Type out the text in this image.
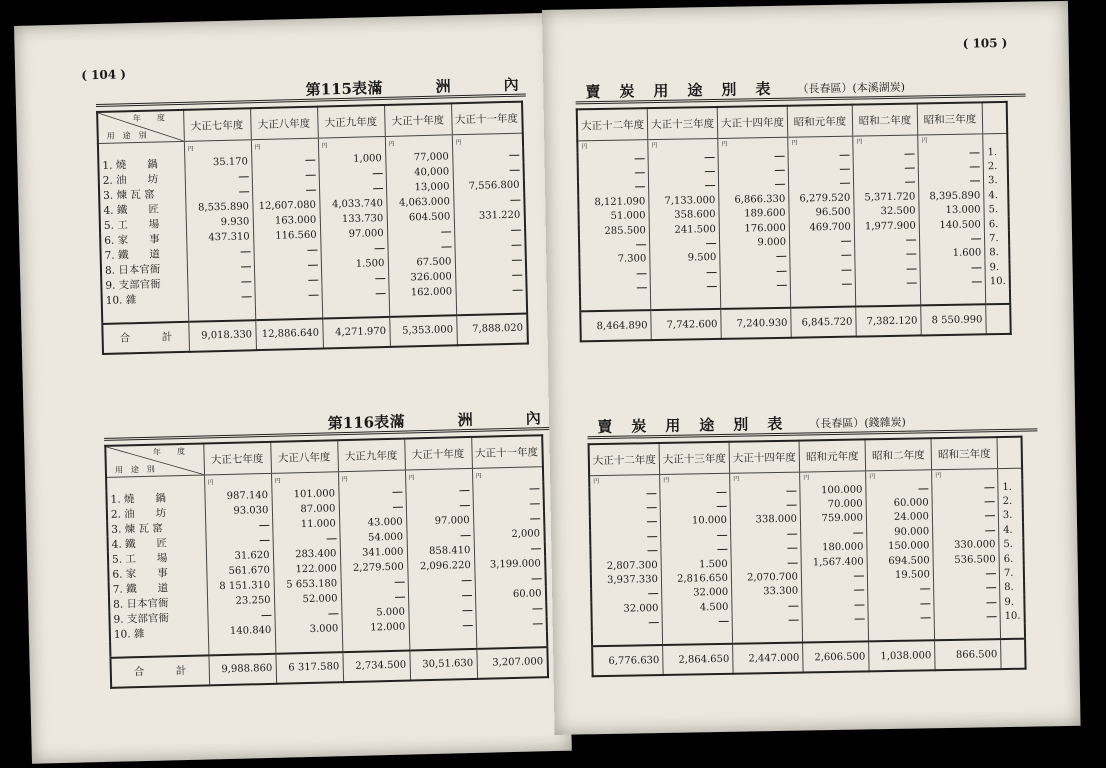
( 104 )
第115表 滿　　　洲　　　內
年　　度
用　途　別	大正七年度	大正八年度	大正九年度	大正十年度	大正十一年度
	$^円$	$^円$	$^円$	$^円$	$^円$
1. 燒　　鍋	35.170		1,000	77,000	
2. 油　　坊				40,000	
3. 煉 瓦 窰				13,000	7,556.800
4. 鐵　　匠	8,535.890	12,607.080	4,033.740	4,063.000	
5. 工　　場	9.930	163.000	133.730	604.500	331.220
6. 家　　事	437.310	116.560	97.000		
7. 鐵　　道					
8. 日本官衙			1.500	67.500	
9. 支部官衙				326.000	
10. 雜				162.000	

合　　　計	9,018.330	12,886.640	4,271.970	5,353.000	7,888.020
第116表 滿　　　洲　　　內
年　　度
用　途　別	大正七年度	大正八年度	大正九年度	大正十年度	大正十一年度
	$^円$	$^円$	$^円$	$^円$	$^円$
1. 燒　　鍋	987.140	101.000			
2. 油　　坊	93.030	87.000			
3. 煉 瓦 窰		11.000	43.000	97.000	
4. 鐵　　匠			54.000		2,000
5. 工　　場	31.620	283.400	341.000	858.410	
6. 家　　事	561.670	122.000	2,279.500	2,096.220	3,199.000
7. 鐵　　道	8 151.310	5 653.180			
8. 日本官衙	23.250	52.000			60.00
9. 支部官衙			5.000		
10. 雜	140.840	3.000	12.000		

合　　　計	9,988.860	6 317.580	2,734.500	30,51.630	3,207.000
( 105 )
賣　炭　用　途　別　表 （長春區）(本溪湖炭)
大正十二年度	大正十三年度	大正十四年度	昭和元年度	昭和二年度	昭和三年度	
$^円$	$^円$	$^円$	$^円$	$^円$	$^円$	
						1.
						2.
						3.
8,121.090	7,133.000	6,866.330	6,279.520	5,371.720	8,395.890	4.
51.000	358.600	189.600	96.500	32.500	13.000	5.
285.500	241.500	176.000	469.700	1,977.900	140.500	6.
		9.000				7.
7.300	9.500				1.600	8.
						9.
						10.

8,464.890	7,742.600	7,240.930	6,845.720	7,382.120	8 550.990	
賣　炭　用　途　別　表 （長春區）(錢雜炭)
大正十二年度	大正十三年度	大正十四年度	昭和元年度	昭和二年度	昭和三年度	
$^円$	$^円$	$^円$	$^円$	$^円$	$^円$	
			100.000			1.
			70.000	60.000		2.
	10.000	338.000	759.000	24.000		3.
				90.000		4.
			180.000	150.000	330.000	5.
2,807.300	1.500		1,567.400	694.500	536.500	6.
3,937.330	2,816.650	2,070.700		19.500		7.
	32.000	33.300				8.
32.000	4.500					9.
						10.

6,776.630	2,864.650	2,447.000	2,606.500	1,038.000	866.500	
